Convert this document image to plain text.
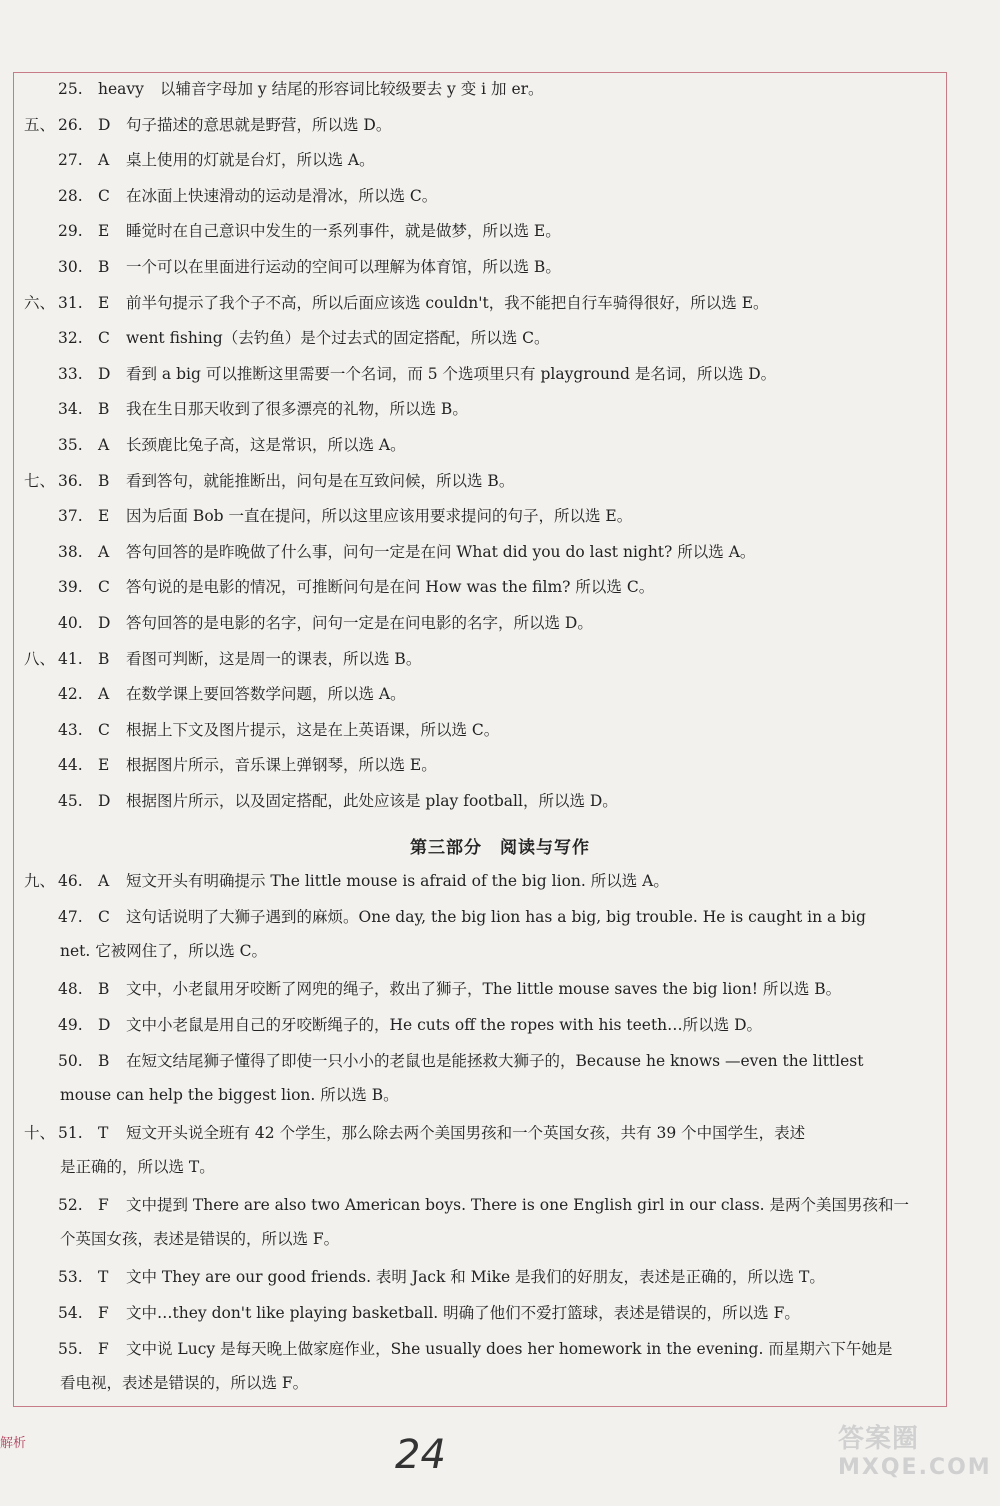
25. heavy 以辅音字母加 y 结尾的形容词比较级要去 y 变 i 加 er。
五、 26. D 句子描述的意思就是野营，所以选 D。
27. A 桌上使用的灯就是台灯，所以选 A。
28. C 在冰面上快速滑动的运动是滑冰，所以选 C。
29. E 睡觉时在自己意识中发生的一系列事件，就是做梦，所以选 E。
30. B 一个可以在里面进行运动的空间可以理解为体育馆，所以选 B。
六、 31. E 前半句提示了我个子不高，所以后面应该选 couldn't，我不能把自行车骑得很好，所以选 E。
32. C went fishing（去钓鱼）是个过去式的固定搭配，所以选 C。
33. D 看到 a big 可以推断这里需要一个名词，而 5 个选项里只有 playground 是名词，所以选 D。
34. B 我在生日那天收到了很多漂亮的礼物，所以选 B。
35. A 长颈鹿比兔子高，这是常识，所以选 A。
七、 36. B 看到答句，就能推断出，问句是在互致问候，所以选 B。
37. E 因为后面 Bob 一直在提问，所以这里应该用要求提问的句子，所以选 E。
38. A 答句回答的是昨晚做了什么事，问句一定是在问 What did you do last night? 所以选 A。
39. C 答句说的是电影的情况，可推断问句是在问 How was the film? 所以选 C。
40. D 答句回答的是电影的名字，问句一定是在问电影的名字，所以选 D。
八、 41. B 看图可判断，这是周一的课表，所以选 B。
42. A 在数学课上要回答数学问题，所以选 A。
43. C 根据上下文及图片提示，这是在上英语课，所以选 C。
44. E 根据图片所示，音乐课上弹钢琴，所以选 E。
45. D 根据图片所示，以及固定搭配，此处应该是 play football，所以选 D。
第三部分　阅读与写作
九、 46. A 短文开头有明确提示 The little mouse is afraid of the big lion. 所以选 A。
47. C 这句话说明了大狮子遇到的麻烦。One day, the big lion has a big, big trouble. He is caught in a big
net. 它被网住了，所以选 C。
48. B 文中，小老鼠用牙咬断了网兜的绳子，救出了狮子，The little mouse saves the big lion! 所以选 B。
49. D 文中小老鼠是用自己的牙咬断绳子的，He cuts off the ropes with his teeth…所以选 D。
50. B 在短文结尾狮子懂得了即使一只小小的老鼠也是能拯救大狮子的，Because he knows —even the littlest
mouse can help the biggest lion. 所以选 B。
十、 51. T 短文开头说全班有 42 个学生，那么除去两个美国男孩和一个英国女孩，共有 39 个中国学生，表述
是正确的，所以选 T。
52. F 文中提到 There are also two American boys. There is one English girl in our class. 是两个美国男孩和一
个英国女孩，表述是错误的，所以选 F。
53. T 文中 They are our good friends. 表明 Jack 和 Mike 是我们的好朋友，表述是正确的，所以选 T。
54. F 文中…they don't like playing basketball. 明确了他们不爱打篮球，表述是错误的，所以选 F。
55. F 文中说 Lucy 是每天晚上做家庭作业，She usually does her homework in the evening. 而星期六下午她是
看电视，表述是错误的，所以选 F。
解析	24	答案圈
MXQE.COM
